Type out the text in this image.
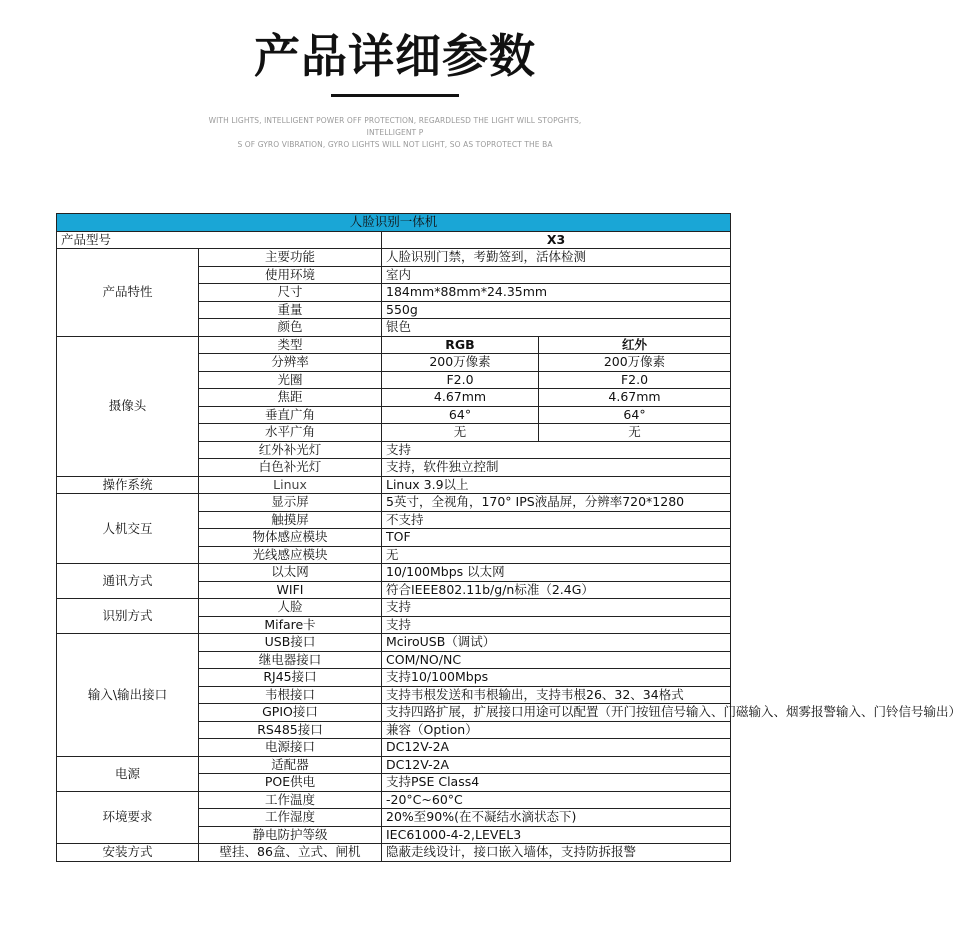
产品详细参数
WITH LIGHTS, INTELLIGENT POWER OFF PROTECTION, REGARDLESD THE LIGHT WILL STOPGHTS, INTELLIGENT P
S OF GYRO VIBRATION, GYRO LIGHTS WILL NOT LIGHT, SO AS TOPROTECT THE BA
人脸识别一体机			
产品型号		X3	
产品特性	主要功能	人脸识别门禁，考勤签到，活体检测	
	使用环境	室内	
	尺寸	184mm*88mm*24.35mm	
	重量	550g	
	颜色	银色	
摄像头	类型	RGB	红外
	分辨率	200万像素	200万像素
	光圈	F2.0	F2.0
	焦距	4.67mm	4.67mm
	垂直广角	64°	64°
	水平广角	无	无
	红外补光灯	支持	
	白色补光灯	支持，软件独立控制	
操作系统	Linux	Linux 3.9以上	
人机交互	显示屏	5英寸，全视角，170° IPS液晶屏，分辨率720*1280	
	触摸屏	不支持	
	物体感应模块	TOF	
	光线感应模块	无	
通讯方式	以太网	10/100Mbps 以太网	
	WIFI	符合IEEE802.11b/g/n标准（2.4G）	
识别方式	人脸	支持	
	Mifare卡	支持	
输入\输出接口	USB接口	MciroUSB（调试）	
	继电器接口	COM/NO/NC	
	RJ45接口	支持10/100Mbps	
	韦根接口	支持韦根发送和韦根输出，支持韦根26、32、34格式	
	GPIO接口	支持四路扩展，扩展接口用途可以配置（开门按钮信号输入、门磁输入、烟雾报警输入、门铃信号输出）	
	RS485接口	兼容（Option）	
	电源接口	DC12V-2A	
电源	适配器	DC12V-2A	
	POE供电	支持PSE Class4	
环境要求	工作温度	-20°C~60°C	
	工作湿度	20%至90%(在不凝结水滴状态下)	
	静电防护等级	IEC61000-4-2,LEVEL3	
安装方式	壁挂、86盒、立式、闸机	隐蔽走线设计，接口嵌入墙体，支持防拆报警	
